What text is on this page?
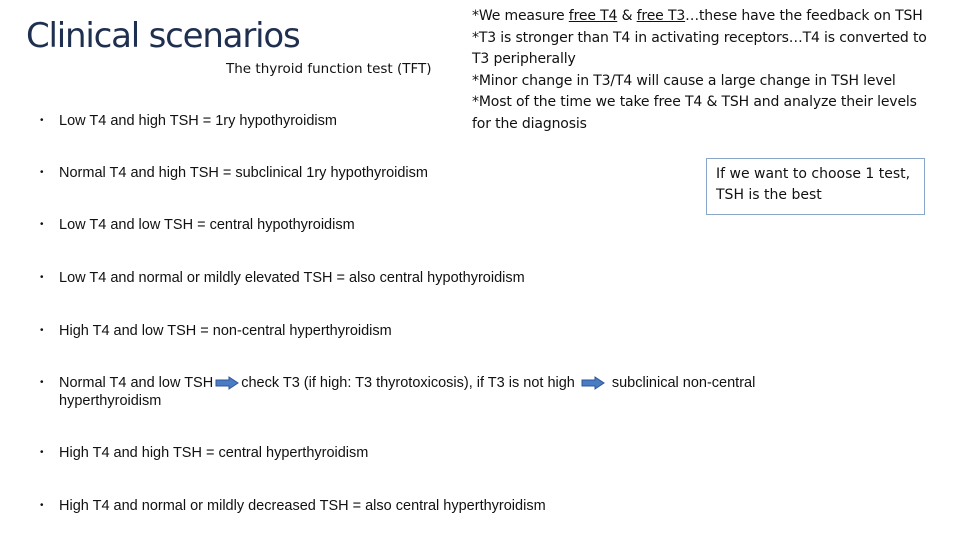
Clinical scenarios
The thyroid function test (TFT)

*We measure free T4 & free T3…these have the feedback on TSH

*T3 is stronger than T4 in activating receptors…T4 is converted to

T3 peripherally

*Minor change in T3/T4 will cause a large change in TSH level

*Most of the time we take free T4 & TSH and analyze their levels

for the diagnosis

If we want to choose 1 test,
TSH is the best
• Low T4 and high TSH = 1ry hypothyroidism
• Normal T4 and high TSH = subclinical 1ry hypothyroidism
• Low T4 and low TSH = central hypothyroidism
• Low T4 and normal or mildly elevated TSH = also central hypothyroidism
• High T4 and low TSH = non-central hyperthyroidism
• Normal T4 and low TSH check T3 (if high: T3 thyrotoxicosis), if T3 is not high	subclinical non-central
hyperthyroidism
• High T4 and high TSH = central hyperthyroidism
• High T4 and normal or mildly decreased TSH = also central hyperthyroidism
